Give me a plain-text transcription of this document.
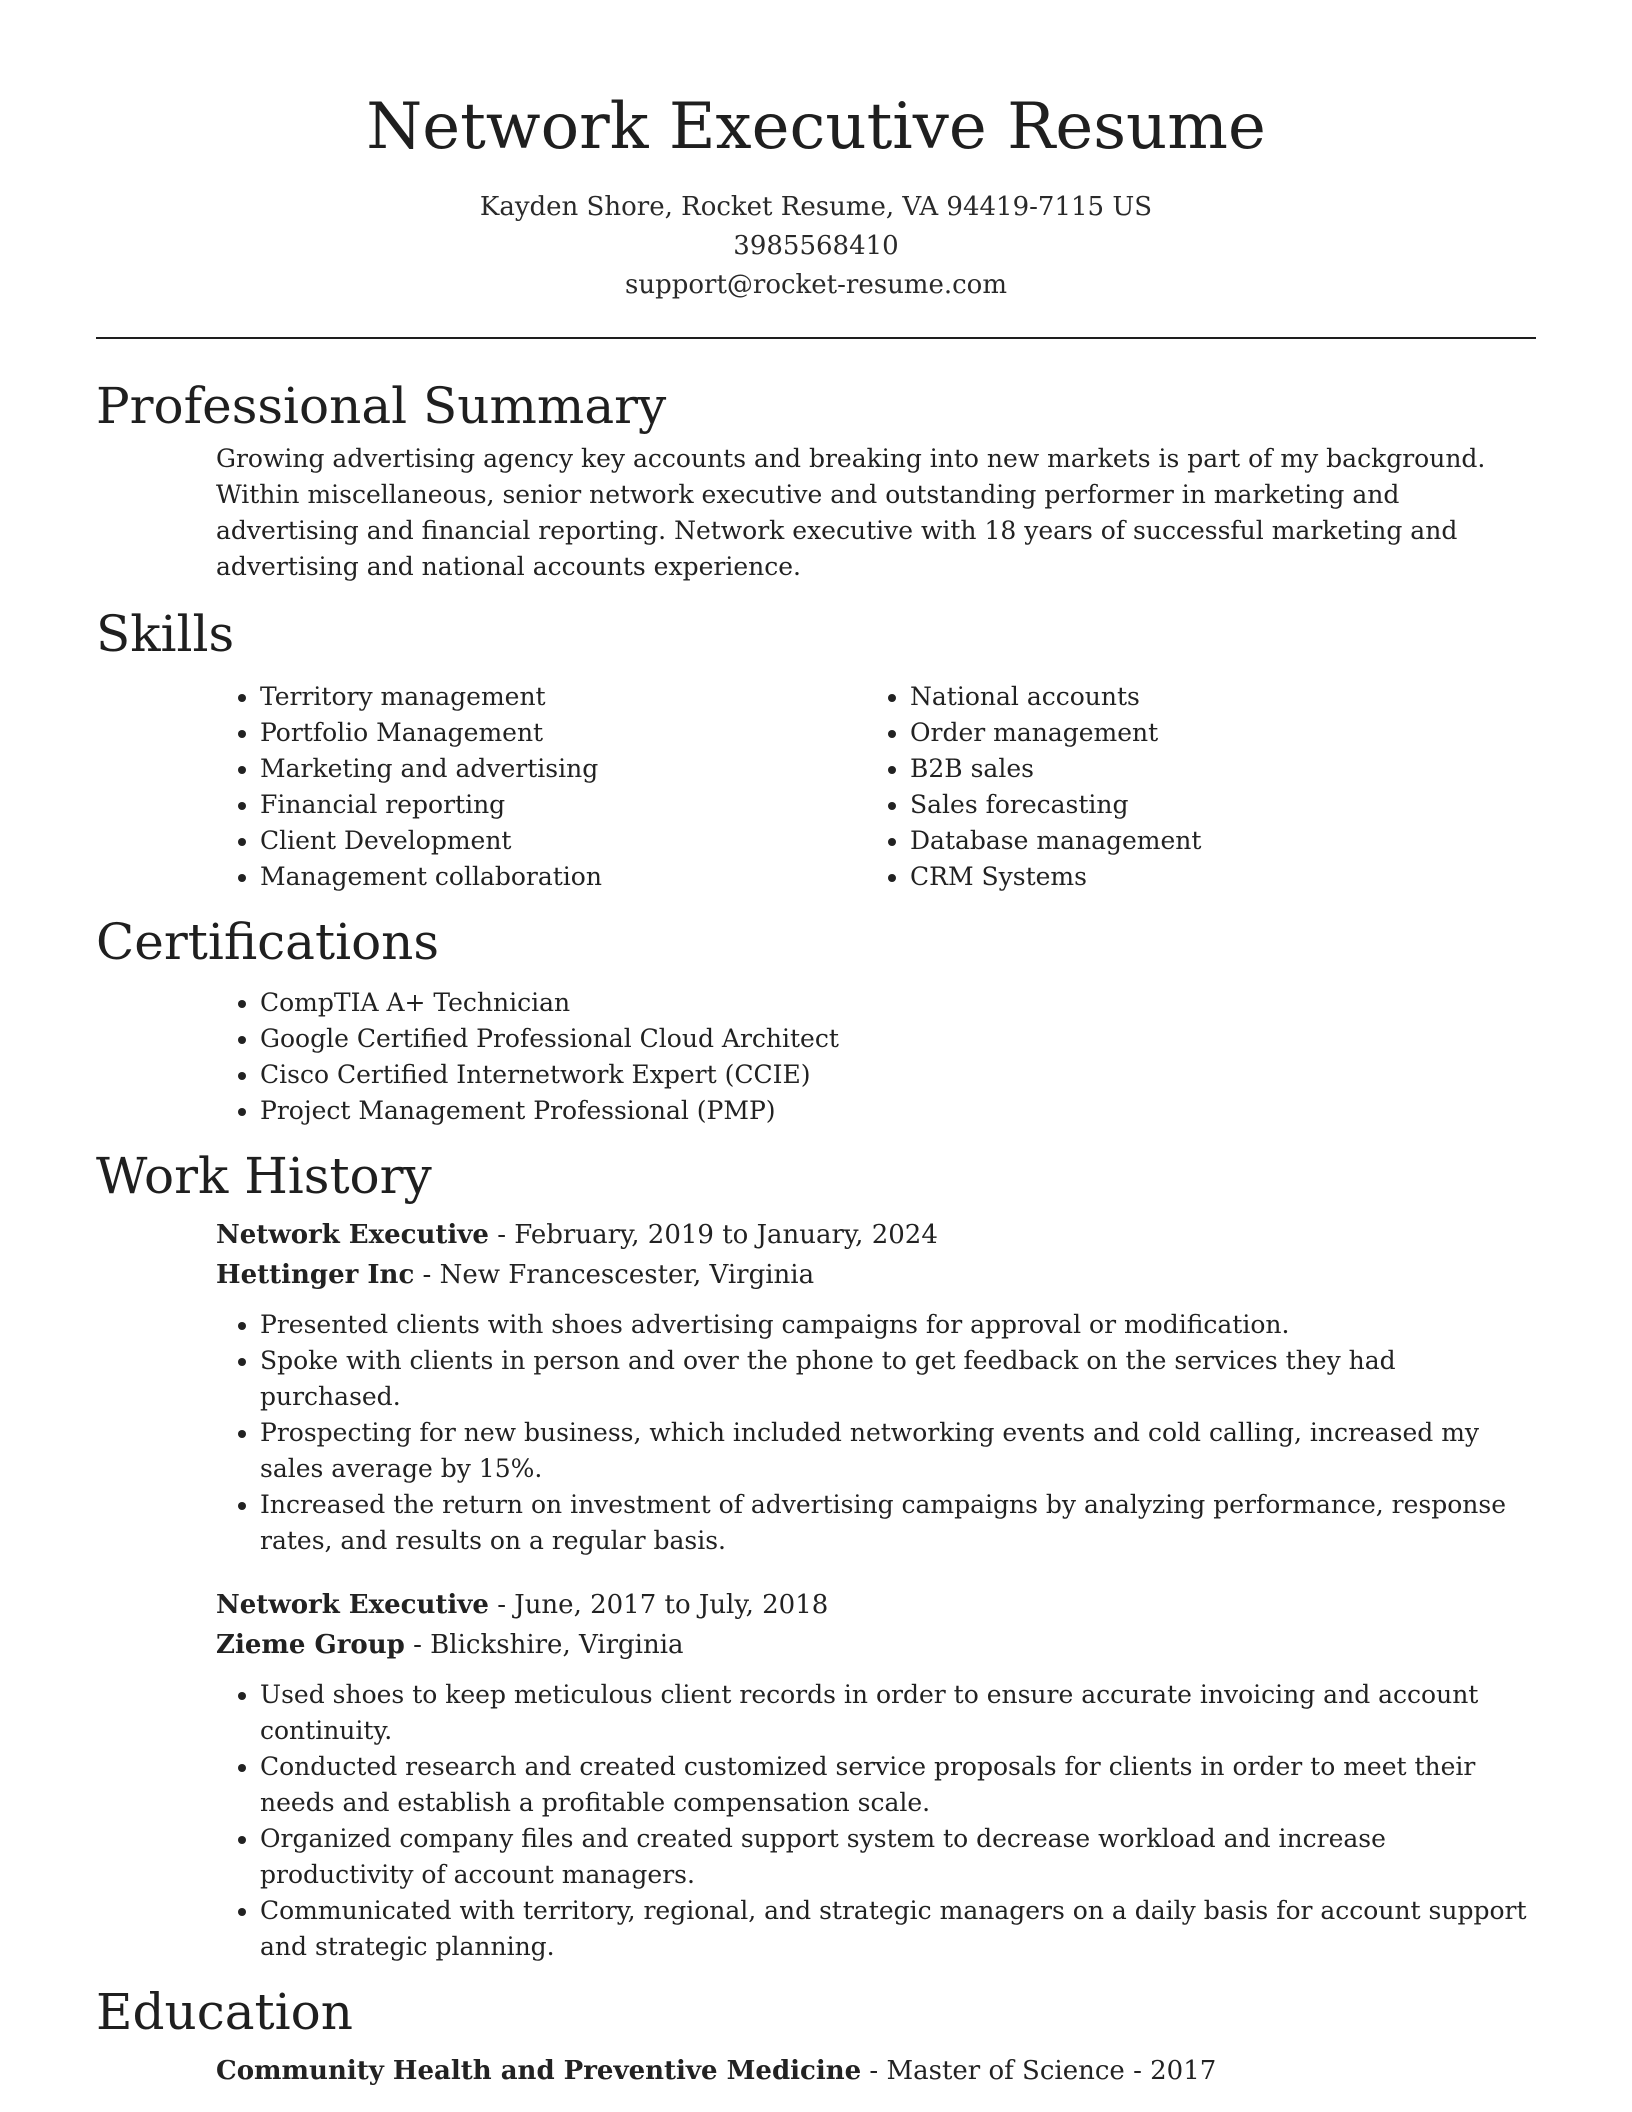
Network Executive Resume
Kayden Shore, Rocket Resume, VA 94419-7115 US
3985568410
support@rocket-resume.com
Professional Summary

Growing advertising agency key accounts and breaking into new markets is part of my background. Within miscellaneous, senior network executive and outstanding performer in marketing and advertising and financial reporting. Network executive with 18 years of successful marketing and advertising and national accounts experience.

Skills
• Territory management
• Portfolio Management
• Marketing and advertising
• Financial reporting
• Client Development
• Management collaboration
• National accounts
• Order management
• B2B sales
• Sales forecasting
• Database management
• CRM Systems
Certifications
• CompTIA A+ Technician
• Google Certified Professional Cloud Architect
• Cisco Certified Internetwork Expert (CCIE)
• Project Management Professional (PMP)
Work History
Network Executive - February, 2019 to January, 2024
Hettinger Inc - New Francescester, Virginia
• Presented clients with shoes advertising campaigns for approval or modification.
• Spoke with clients in person and over the phone to get feedback on the services they had purchased.
• Prospecting for new business, which included networking events and cold calling, increased my sales average by 15%.
• Increased the return on investment of advertising campaigns by analyzing performance, response rates, and results on a regular basis.
Network Executive - June, 2017 to July, 2018
Zieme Group - Blickshire, Virginia
• Used shoes to keep meticulous client records in order to ensure accurate invoicing and account continuity.
• Conducted research and created customized service proposals for clients in order to meet their needs and establish a profitable compensation scale.
• Organized company files and created support system to decrease workload and increase productivity of account managers.
• Communicated with territory, regional, and strategic managers on a daily basis for account support and strategic planning.
Education
Community Health and Preventive Medicine - Master of Science - 2017
